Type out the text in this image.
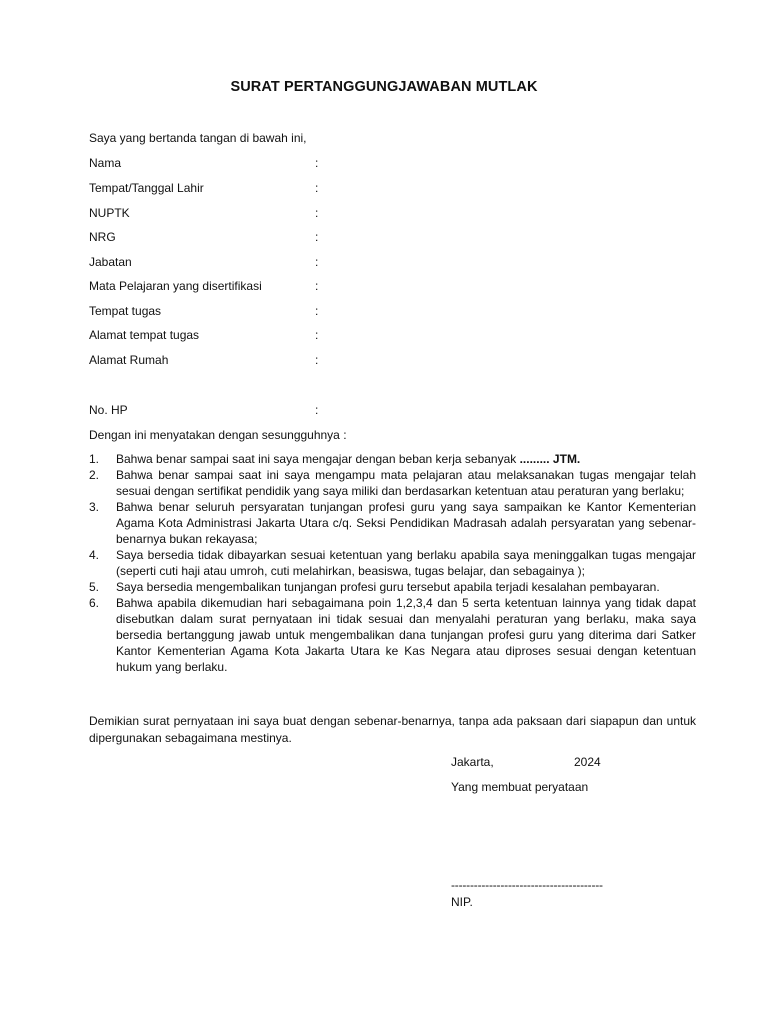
SURAT PERTANGGUNGJAWABAN MUTLAK
Saya yang bertanda tangan di bawah ini,
Nama	:
Tempat/Tanggal Lahir	:
NUPTK	:
NRG	:
Jabatan	:
Mata Pelajaran yang disertifikasi	:
Tempat tugas	:
Alamat tempat tugas	:
Alamat Rumah	:
No. HP	:
Dengan ini menyatakan dengan sesungguhnya :
1. Bahwa benar sampai saat ini saya mengajar dengan beban kerja sebanyak ......... JTM.
2. Bahwa benar sampai saat ini saya mengampu mata pelajaran atau melaksanakan tugas mengajar telah sesuai dengan sertifikat pendidik yang saya miliki dan berdasarkan ketentuan atau peraturan yang berlaku;
3. Bahwa benar seluruh persyaratan tunjangan profesi guru yang saya sampaikan ke Kantor Kementerian Agama Kota Administrasi Jakarta Utara c/q. Seksi Pendidikan Madrasah adalah persyaratan yang sebenar-benarnya bukan rekayasa;
4. Saya bersedia tidak dibayarkan sesuai ketentuan yang berlaku apabila saya meninggalkan tugas mengajar (seperti cuti haji atau umroh, cuti melahirkan, beasiswa, tugas belajar, dan sebagainya );
5. Saya bersedia mengembalikan tunjangan profesi guru tersebut apabila terjadi kesalahan pembayaran.
6. Bahwa apabila dikemudian hari sebagaimana poin 1,2,3,4 dan 5 serta ketentuan lainnya yang tidak dapat disebutkan dalam surat pernyataan ini tidak sesuai dan menyalahi peraturan yang berlaku, maka saya bersedia bertanggung jawab untuk mengembalikan dana tunjangan profesi guru yang diterima dari Satker Kantor Kementerian Agama Kota Jakarta Utara ke Kas Negara atau diproses sesuai dengan ketentuan hukum yang berlaku.
Demikian surat pernyataan ini saya buat dengan sebenar-benarnya, tanpa ada paksaan dari siapapun dan untuk dipergunakan sebagaimana mestinya.
Jakarta,	2024
Yang membuat peryataan
----------------------------------------
NIP.
